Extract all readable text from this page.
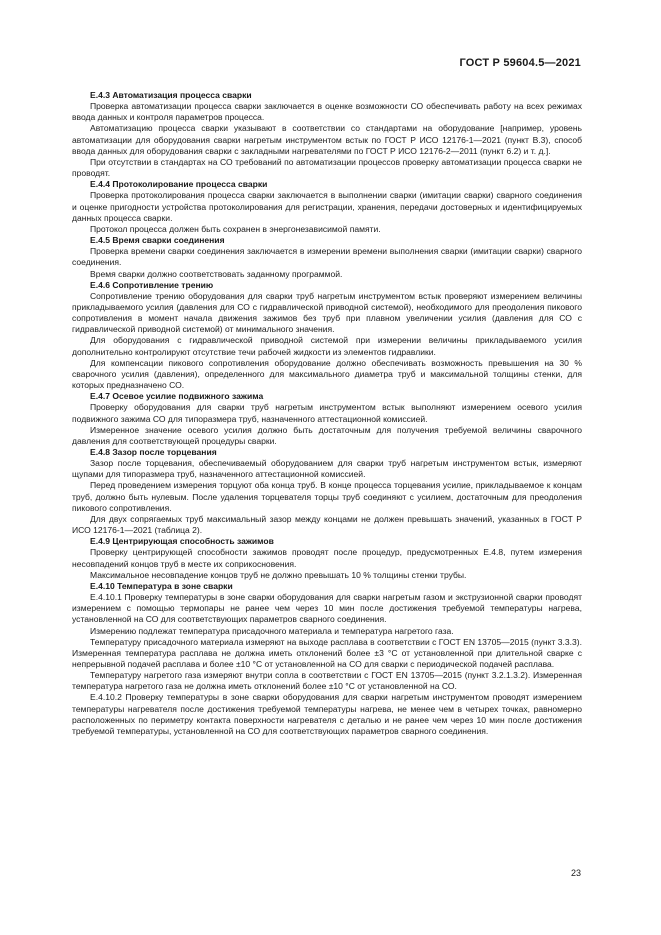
ГОСТ Р 59604.5—2021

Е.4.3 Автоматизация процесса сварки

Проверка автоматизации процесса сварки заключается в оценке возможности СО обеспечивать работу на всех режимах ввода данных и контроля параметров процесса.

Автоматизацию процесса сварки указывают в соответствии со стандартами на оборудование [например, уровень автоматизации для оборудования сварки нагретым инструментом встык по ГОСТ Р ИСО 12176-1—2021 (пункт В.3), способ ввода данных для оборудования сварки с закладными нагревателями по ГОСТ Р ИСО 12176-2—2011 (пункт 6.2) и т. д.].

При отсутствии в стандартах на СО требований по автоматизации процессов проверку автоматизации процесса сварки не проводят.

Е.4.4 Протоколирование процесса сварки

Проверка протоколирования процесса сварки заключается в выполнении сварки (имитации сварки) сварного соединения и оценке пригодности устройства протоколирования для регистрации, хранения, передачи достоверных и идентифицируемых данных процесса сварки.

Протокол процесса должен быть сохранен в энергонезависимой памяти.

Е.4.5 Время сварки соединения

Проверка времени сварки соединения заключается в измерении времени выполнения сварки (имитации сварки) сварного соединения.

Время сварки должно соответствовать заданному программой.

Е.4.6 Сопротивление трению

Сопротивление трению оборудования для сварки труб нагретым инструментом встык проверяют измерением величины прикладываемого усилия (давления для СО с гидравлической приводной системой), необходимого для преодоления пикового сопротивления в момент начала движения зажимов без труб при плавном увеличении усилия (давления для СО с гидравлической приводной системой) от минимального значения.

Для оборудования с гидравлической приводной системой при измерении величины прикладываемого усилия дополнительно контролируют отсутствие течи рабочей жидкости из элементов гидравлики.

Для компенсации пикового сопротивления оборудование должно обеспечивать возможность превышения на 30 % сварочного усилия (давления), определенного для максимального диаметра труб и максимальной толщины стенки, для которых предназначено СО.

Е.4.7 Осевое усилие подвижного зажима

Проверку оборудования для сварки труб нагретым инструментом встык выполняют измерением осевого усилия подвижного зажима СО для типоразмера труб, назначенного аттестационной комиссией.

Измеренное значение осевого усилия должно быть достаточным для получения требуемой величины сварочного давления для соответствующей процедуры сварки.

Е.4.8 Зазор после торцевания

Зазор после торцевания, обеспечиваемый оборудованием для сварки труб нагретым инструментом встык, измеряют щупами для типоразмера труб, назначенного аттестационной комиссией.

Перед проведением измерения торцуют оба конца труб. В конце процесса торцевания усилие, прикладываемое к концам труб, должно быть нулевым. После удаления торцевателя торцы труб соединяют с усилием, достаточным для преодоления пикового сопротивления.

Для двух сопрягаемых труб максимальный зазор между концами не должен превышать значений, указанных в ГОСТ Р ИСО 12176-1—2021 (таблица 2).

Е.4.9 Центрирующая способность зажимов

Проверку центрирующей способности зажимов проводят после процедур, предусмотренных Е.4.8, путем измерения несовпадений концов труб в месте их соприкосновения.

Максимальное несовпадение концов труб не должно превышать 10 % толщины стенки трубы.

Е.4.10 Температура в зоне сварки

Е.4.10.1 Проверку температуры в зоне сварки оборудования для сварки нагретым газом и экструзионной сварки проводят измерением с помощью термопары не ранее чем через 10 мин после достижения требуемой температуры нагрева, установленной на СО для соответствующих параметров сварного соединения.

Измерению подлежат температура присадочного материала и температура нагретого газа.

Температуру присадочного материала измеряют на выходе расплава в соответствии с ГОСТ EN 13705—2015 (пункт 3.3.3). Измеренная температура расплава не должна иметь отклонений более ±3 °С от установленной при длительной сварке с непрерывной подачей расплава и более ±10 °С от установленной на СО для сварки с периодической подачей расплава.

Температуру нагретого газа измеряют внутри сопла в соответствии с ГОСТ EN 13705—2015 (пункт 3.2.1.3.2). Измеренная температура нагретого газа не должна иметь отклонений более ±10 °С от установленной на СО.

Е.4.10.2 Проверку температуры в зоне сварки оборудования для сварки нагретым инструментом проводят измерением температуры нагревателя после достижения требуемой температуры нагрева, не менее чем в четырех точках, равномерно расположенных по периметру контакта поверхности нагревателя с деталью и не ранее чем через 10 мин после достижения требуемой температуры, установленной на СО для соответствующих параметров сварного соединения.

23
